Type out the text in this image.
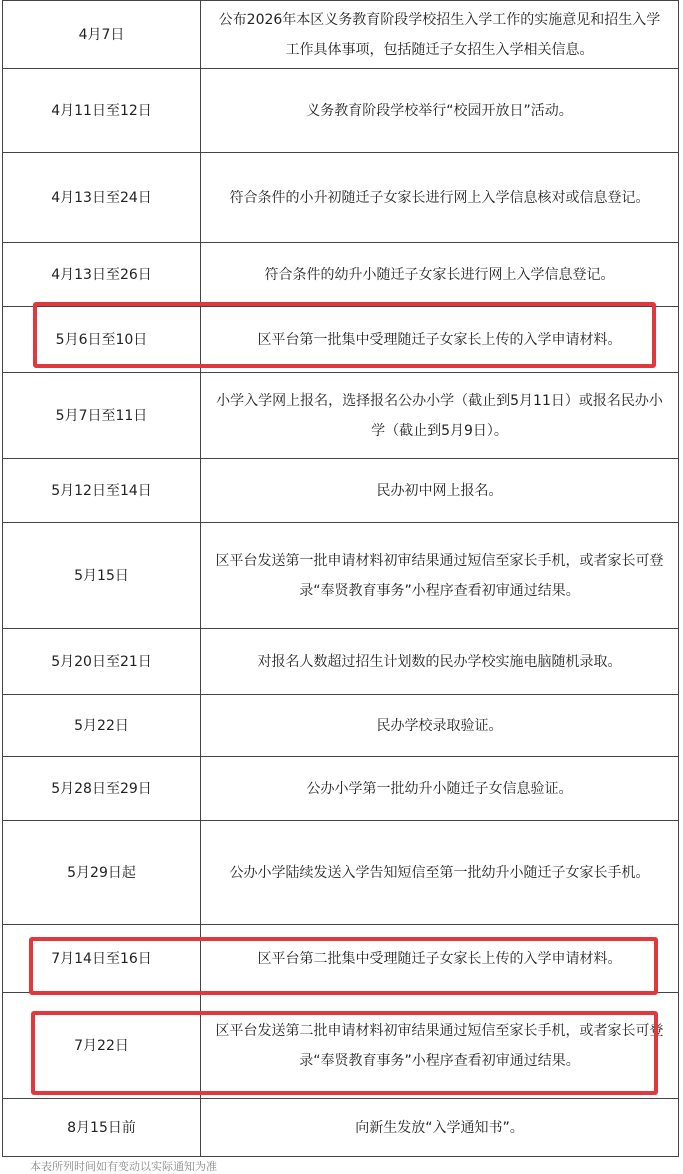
4月7日	公布2026年本区义务教育阶段学校招生入学工作的实施意见和招生入学工作具体事项，包括随迁子女招生入学相关信息。
4月11日至12日	义务教育阶段学校举行“校园开放日”活动。
4月13日至24日	符合条件的小升初随迁子女家长进行网上入学信息核对或信息登记。
4月13日至26日	符合条件的幼升小随迁子女家长进行网上入学信息登记。
5月6日至10日	区平台第一批集中受理随迁子女家长上传的入学申请材料。
5月7日至11日	小学入学网上报名，选择报名公办小学（截止到5月11日）或报名民办小学（截止到5月9日）。
5月12日至14日	民办初中网上报名。
5月15日	区平台发送第一批申请材料初审结果通过短信至家长手机，或者家长可登录“奉贤教育事务”小程序查看初审通过结果。
5月20日至21日	对报名人数超过招生计划数的民办学校实施电脑随机录取。
5月22日	民办学校录取验证。
5月28日至29日	公办小学第一批幼升小随迁子女信息验证。
5月29日起	公办小学陆续发送入学告知短信至第一批幼升小随迁子女家长手机。
7月14日至16日	区平台第二批集中受理随迁子女家长上传的入学申请材料。
7月22日	区平台发送第二批申请材料初审结果通过短信至家长手机，或者家长可登录“奉贤教育事务”小程序查看初审通过结果。
8月15日前	向新生发放“入学通知书”。
本表所列时间如有变动以实际通知为准
